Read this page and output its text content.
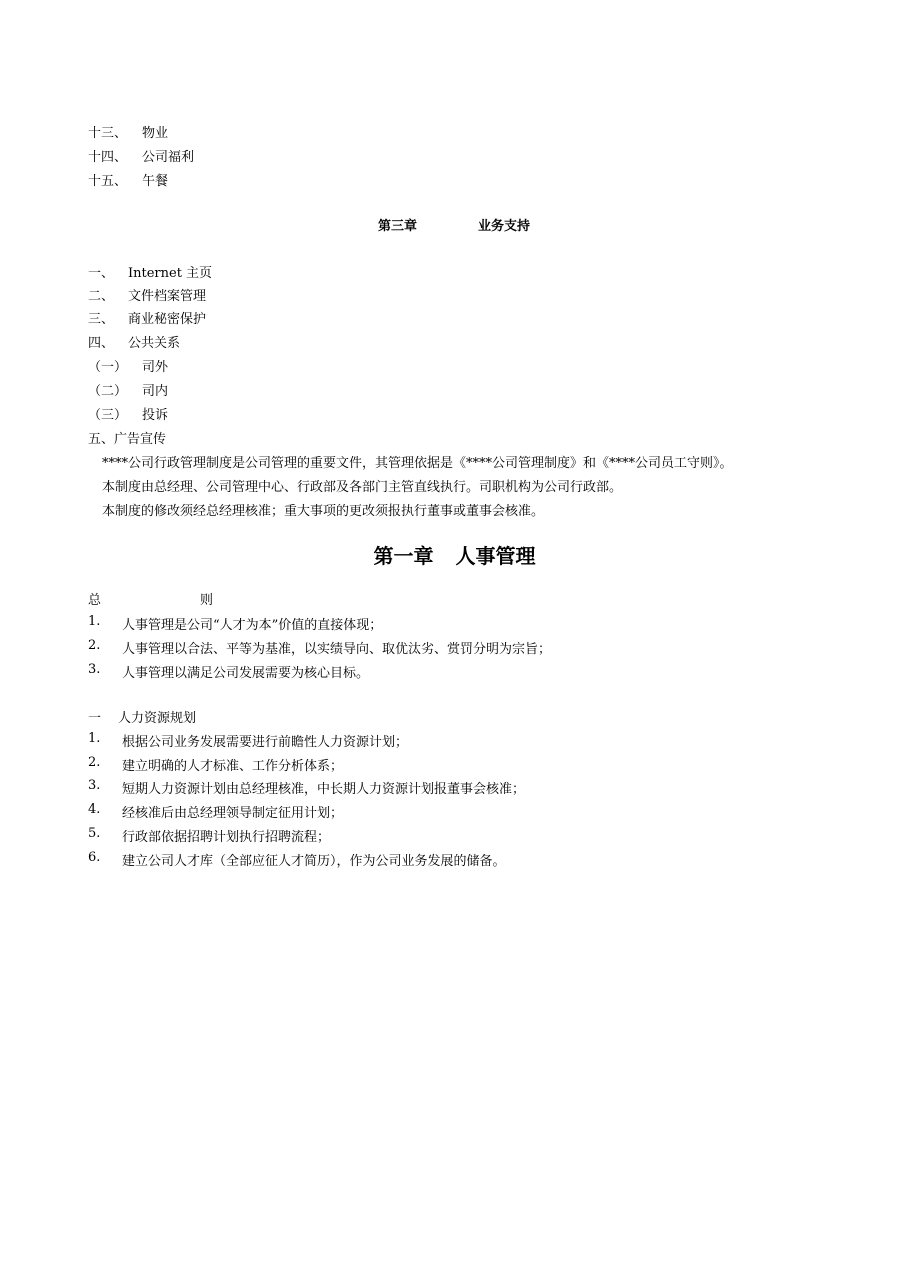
十三、 物业
十四、 公司福利
十五、 午餐
第三章	业务支持
一、 Internet 主页
二、 文件档案管理
三、 商业秘密保护
四、 公共关系
（一） 司外
（二） 司内
（三） 投诉
五、广告宣传
****公司行政管理制度是公司管理的重要文件，其管理依据是《****公司管理制度》和《****公司员工守则》。
本制度由总经理、公司管理中心、行政部及各部门主管直线执行。司职机构为公司行政部。
本制度的修改须经总经理核准；重大事项的更改须报执行董事或董事会核准。
第一章 人事管理
总	则
1. 人事管理是公司“人才为本”价值的直接体现；
2. 人事管理以合法、平等为基准，以实绩导向、取优汰劣、赏罚分明为宗旨；
3. 人事管理以满足公司发展需要为核心目标。
一 人力资源规划
1. 根据公司业务发展需要进行前瞻性人力资源计划；
2. 建立明确的人才标准、工作分析体系；
3. 短期人力资源计划由总经理核准，中长期人力资源计划报董事会核准；
4. 经核准后由总经理领导制定征用计划；
5. 行政部依据招聘计划执行招聘流程；
6. 建立公司人才库（全部应征人才简历），作为公司业务发展的储备。
